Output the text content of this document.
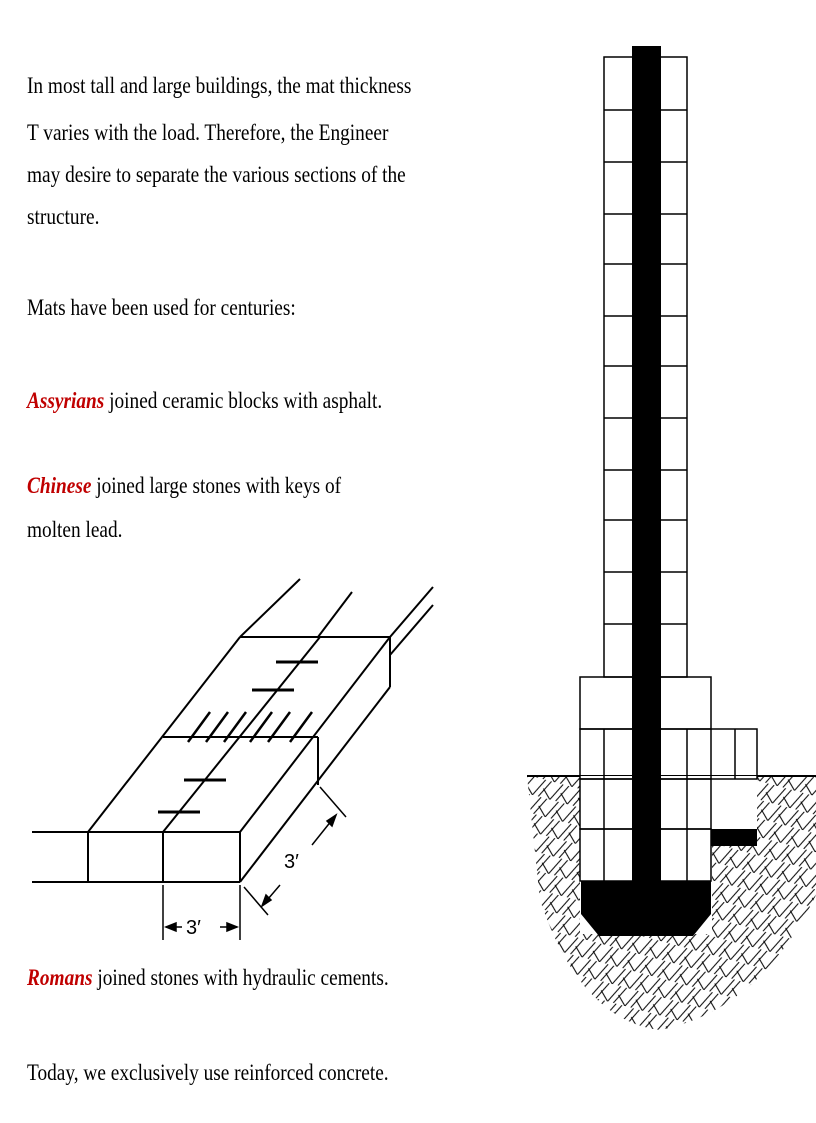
In most tall and large buildings, the mat thickness

T varies with the load. Therefore, the Engineer

may desire to separate the various sections of the

structure.

Mats have been used for centuries:

Assyrians joined ceramic blocks with asphalt.

Chinese joined large stones with keys of

molten lead.

Romans joined stones with hydraulic cements.

Today, we exclusively use reinforced concrete.

3′
3′
